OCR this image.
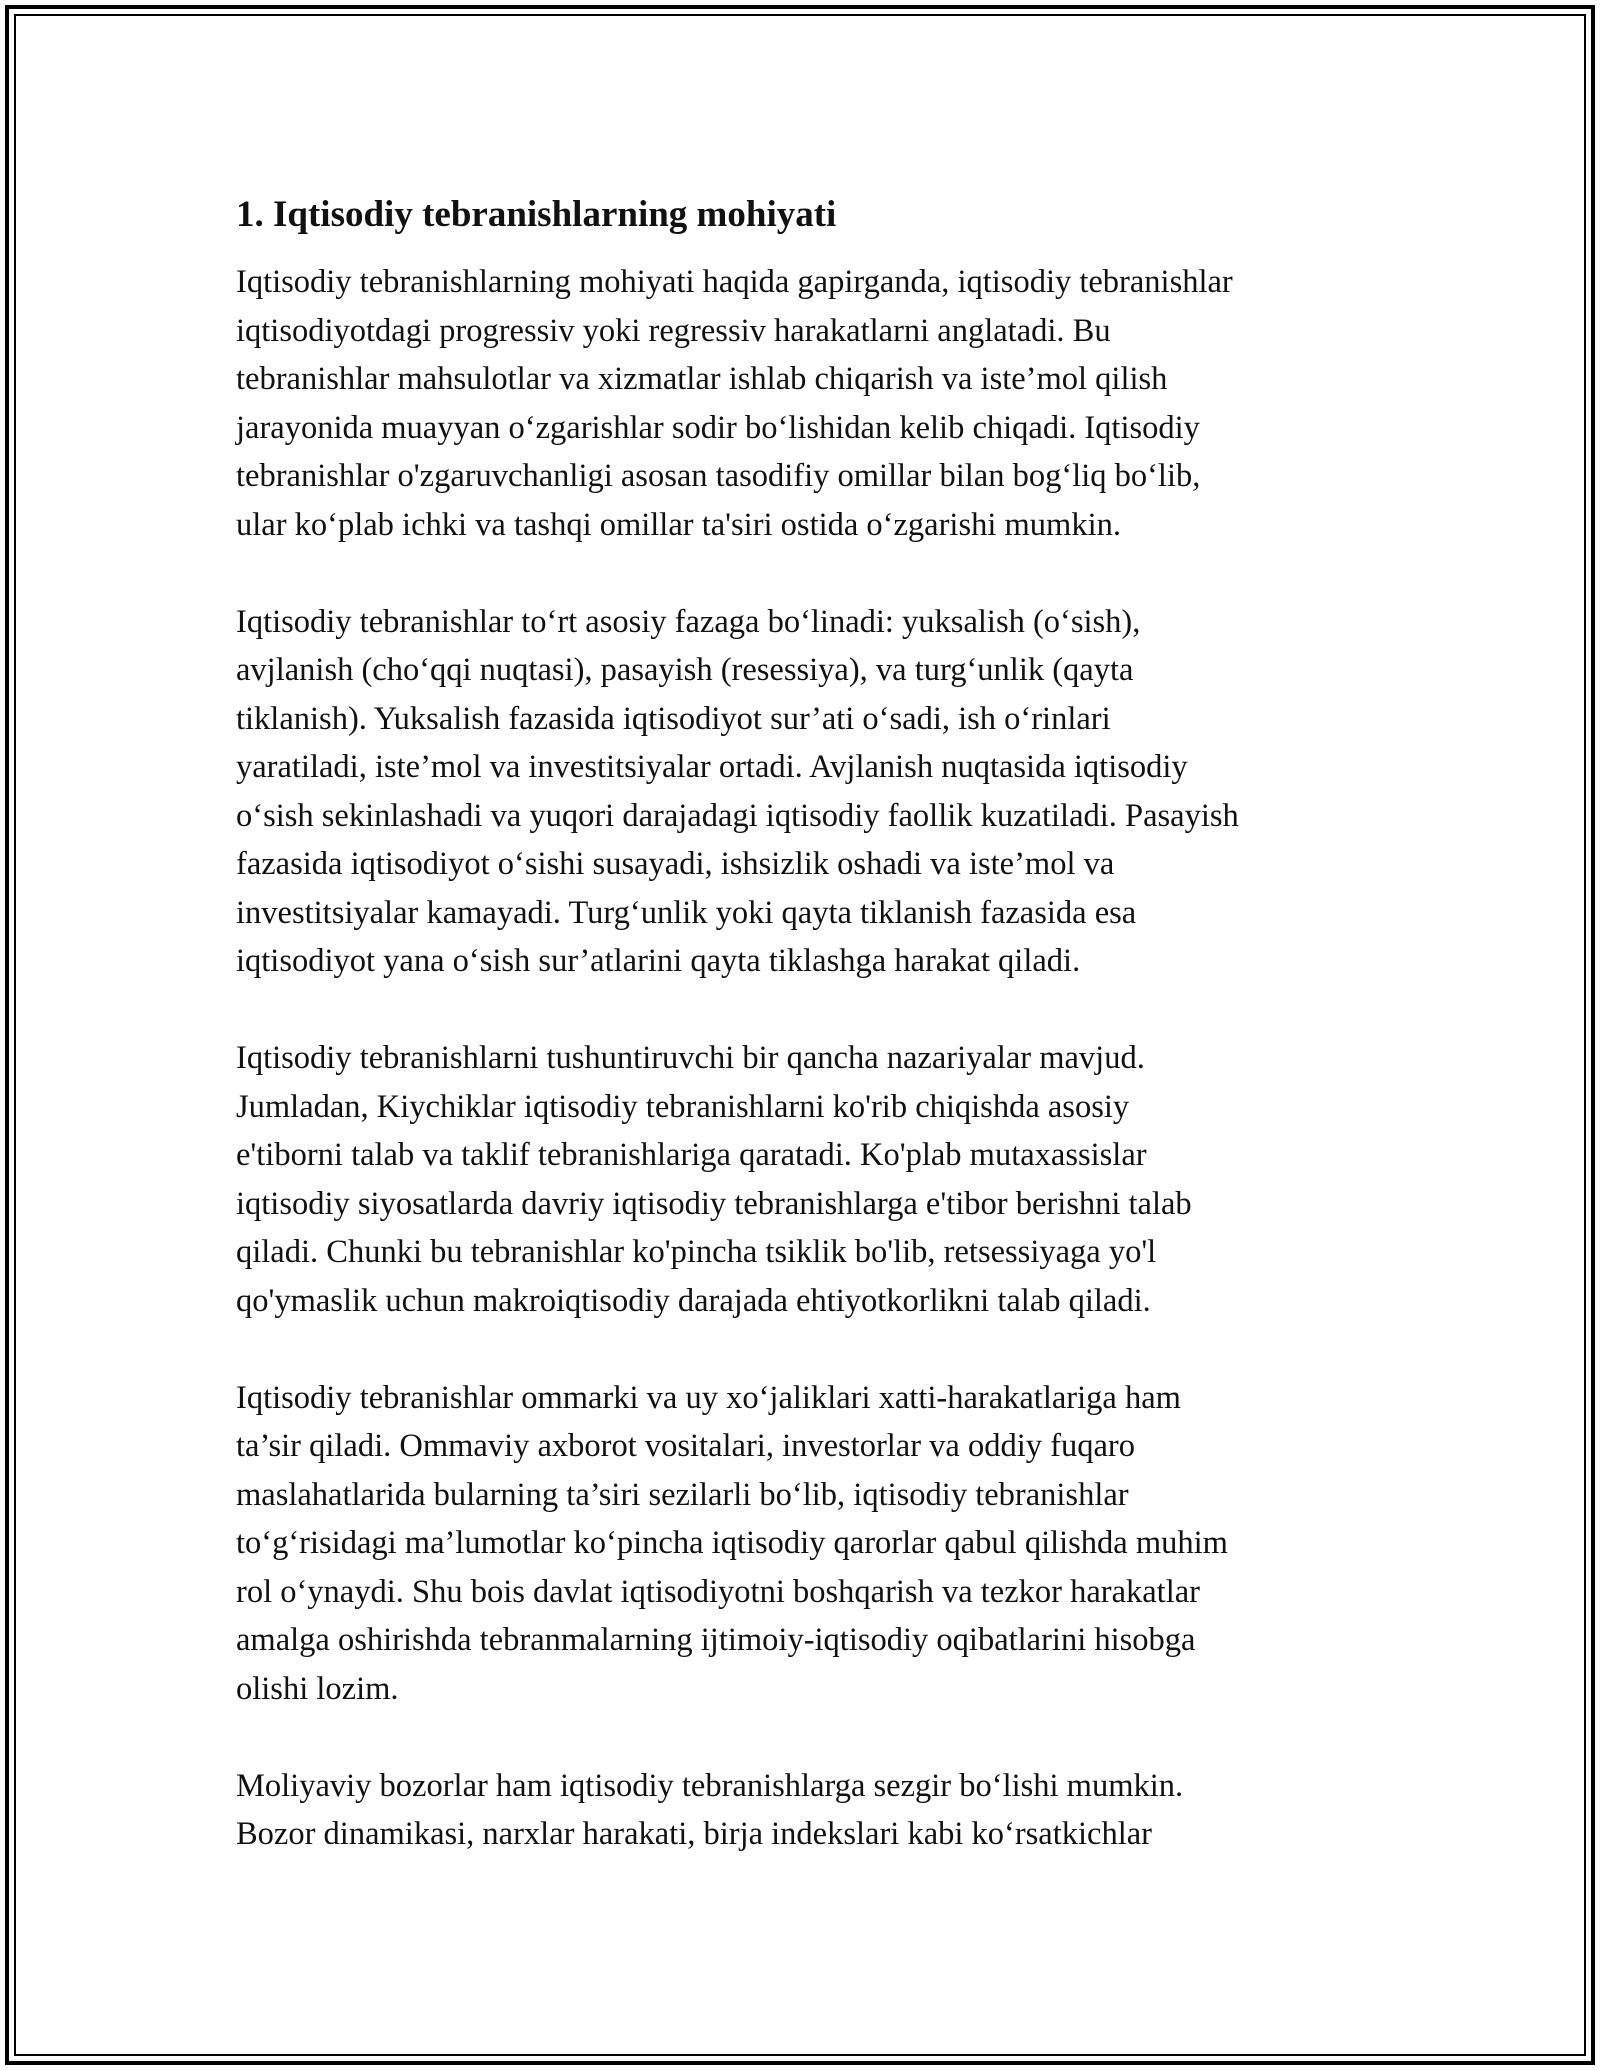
1. Iqtisodiy tebranishlarning mohiyati

Iqtisodiy tebranishlarning mohiyati haqida gapirganda, iqtisodiy tebranishlar
iqtisodiyotdagi progressiv yoki regressiv harakatlarni anglatadi. Bu
tebranishlar mahsulotlar va xizmatlar ishlab chiqarish va iste’mol qilish
jarayonida muayyan o‘zgarishlar sodir bo‘lishidan kelib chiqadi. Iqtisodiy
tebranishlar o'zgaruvchanligi asosan tasodifiy omillar bilan bog‘liq bo‘lib,
ular ko‘plab ichki va tashqi omillar ta'siri ostida o‘zgarishi mumkin.

Iqtisodiy tebranishlar to‘rt asosiy fazaga bo‘linadi: yuksalish (o‘sish),
avjlanish (cho‘qqi nuqtasi), pasayish (resessiya), va turg‘unlik (qayta
tiklanish). Yuksalish fazasida iqtisodiyot sur’ati o‘sadi, ish o‘rinlari
yaratiladi, iste’mol va investitsiyalar ortadi. Avjlanish nuqtasida iqtisodiy
o‘sish sekinlashadi va yuqori darajadagi iqtisodiy faollik kuzatiladi. Pasayish
fazasida iqtisodiyot o‘sishi susayadi, ishsizlik oshadi va iste’mol va
investitsiyalar kamayadi. Turg‘unlik yoki qayta tiklanish fazasida esa
iqtisodiyot yana o‘sish sur’atlarini qayta tiklashga harakat qiladi.

Iqtisodiy tebranishlarni tushuntiruvchi bir qancha nazariyalar mavjud.
Jumladan, Kiychiklar iqtisodiy tebranishlarni ko'rib chiqishda asosiy
e'tiborni talab va taklif tebranishlariga qaratadi. Ko'plab mutaxassislar
iqtisodiy siyosatlarda davriy iqtisodiy tebranishlarga e'tibor berishni talab
qiladi. Chunki bu tebranishlar ko'pincha tsiklik bo'lib, retsessiyaga yo'l
qo'ymaslik uchun makroiqtisodiy darajada ehtiyotkorlikni talab qiladi.

Iqtisodiy tebranishlar ommarki va uy xo‘jaliklari xatti-harakatlariga ham
ta’sir qiladi. Ommaviy axborot vositalari, investorlar va oddiy fuqaro
maslahatlarida bularning ta’siri sezilarli bo‘lib, iqtisodiy tebranishlar
to‘g‘risidagi ma’lumotlar ko‘pincha iqtisodiy qarorlar qabul qilishda muhim
rol o‘ynaydi. Shu bois davlat iqtisodiyotni boshqarish va tezkor harakatlar
amalga oshirishda tebranmalarning ijtimoiy-iqtisodiy oqibatlarini hisobga
olishi lozim.

Moliyaviy bozorlar ham iqtisodiy tebranishlarga sezgir bo‘lishi mumkin.
Bozor dinamikasi, narxlar harakati, birja indekslari kabi ko‘rsatkichlar
